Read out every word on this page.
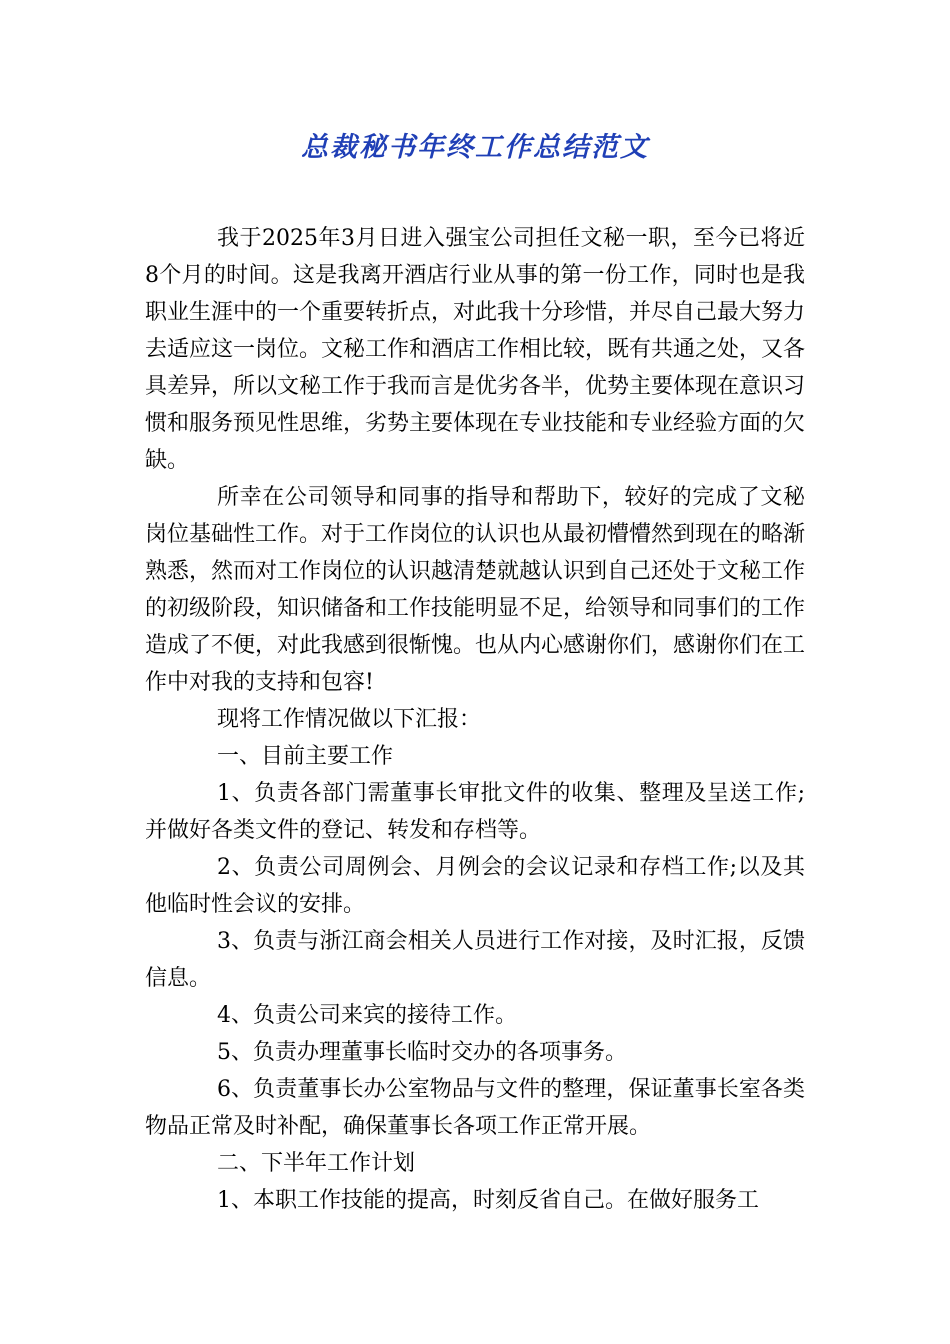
总裁秘书年终工作总结范文

我于2025年3月日进入强宝公司担任文秘一职，至今已将近8个月的时间。这是我离开酒店行业从事的第一份工作，同时也是我职业生涯中的一个重要转折点，对此我十分珍惜，并尽自己最大努力去适应这一岗位。文秘工作和酒店工作相比较，既有共通之处，又各具差异，所以文秘工作于我而言是优劣各半，优势主要体现在意识习惯和服务预见性思维，劣势主要体现在专业技能和专业经验方面的欠缺。

所幸在公司领导和同事的指导和帮助下，较好的完成了文秘岗位基础性工作。对于工作岗位的认识也从最初懵懵然到现在的略渐熟悉，然而对工作岗位的认识越清楚就越认识到自己还处于文秘工作的初级阶段，知识储备和工作技能明显不足，给领导和同事们的工作造成了不便，对此我感到很惭愧。也从内心感谢你们，感谢你们在工作中对我的支持和包容!

现将工作情况做以下汇报：

一、目前主要工作

1、负责各部门需董事长审批文件的收集、整理及呈送工作;并做好各类文件的登记、转发和存档等。

2、负责公司周例会、月例会的会议记录和存档工作;以及其他临时性会议的安排。

3、负责与浙江商会相关人员进行工作对接，及时汇报，反馈信息。

4、负责公司来宾的接待工作。

5、负责办理董事长临时交办的各项事务。

6、负责董事长办公室物品与文件的整理，保证董事长室各类物品正常及时补配，确保董事长各项工作正常开展。

二、下半年工作计划

1、本职工作技能的提高，时刻反省自己。在做好服务工
